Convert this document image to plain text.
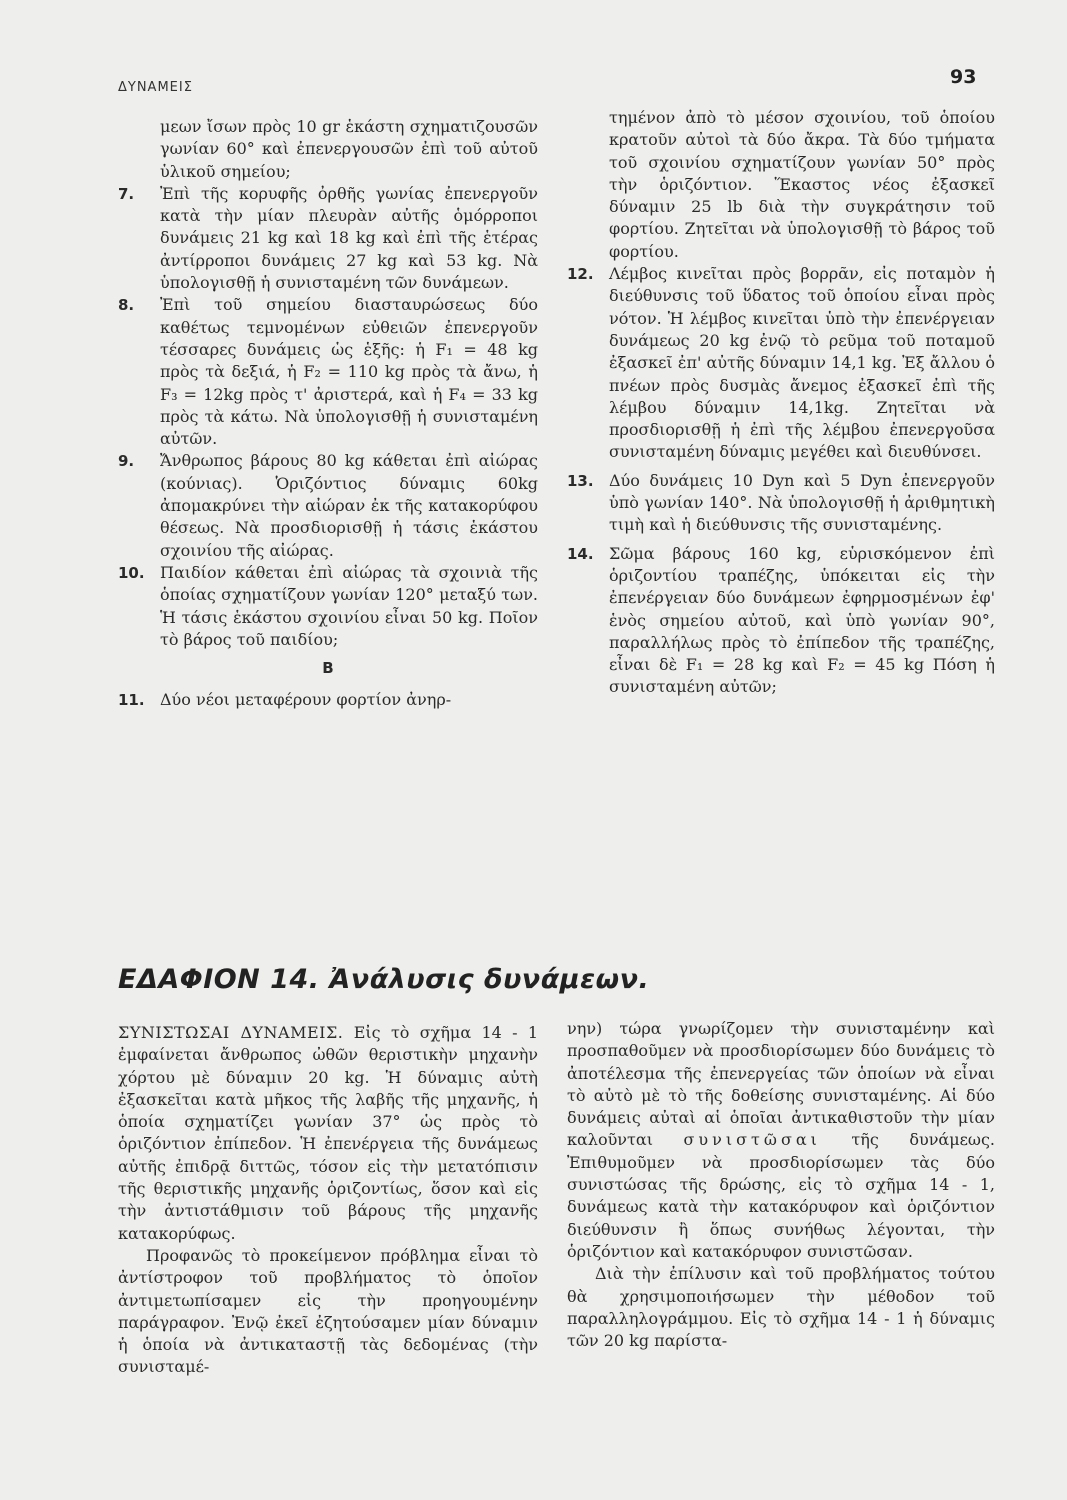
ΔΥΝΑΜΕΙΣ	93
μεων ἴσων πρὸς 10 gr ἑκάστη σχηματιζουσῶν γωνίαν 60° καὶ ἐπενεργουσῶν ἐπὶ τοῦ αὐτοῦ ὑλικοῦ σημείου;
7. Ἐπὶ τῆς κορυφῆς ὀρθῆς γωνίας ἐπενεργοῦν κατὰ τὴν μίαν πλευρὰν αὐτῆς ὁμόρροποι δυνάμεις 21 kg καὶ 18 kg καὶ ἐπὶ τῆς ἑτέρας ἀντίρροποι δυνάμεις 27 kg καὶ 53 kg. Νὰ ὑπολογισθῇ ἡ συνισταμένη τῶν δυνάμεων.
8. Ἐπὶ τοῦ σημείου διασταυρώσεως δύο καθέτως τεμνομένων εὐθειῶν ἐπενεργοῦν τέσσαρες δυνάμεις ὡς ἑξῆς: ἡ F₁ = 48 kg πρὸς τὰ δεξιά, ἡ F₂ = 110 kg πρὸς τὰ ἄνω, ἡ F₃ = 12kg πρὸς τ' ἀριστερά, καὶ ἡ F₄ = 33 kg πρὸς τὰ κάτω. Νὰ ὑπολογισθῇ ἡ συνισταμένη αὐτῶν.
9. Ἄνθρωπος βάρους 80 kg κάθεται ἐπὶ αἰώρας (κούνιας). Ὁριζόντιος δύναμις 60kg ἀπομακρύνει τὴν αἰώραν ἐκ τῆς κατακορύφου θέσεως. Νὰ προσδιορισθῇ ἡ τάσις ἑκάστου σχοινίου τῆς αἰώρας.
10. Παιδίον κάθεται ἐπὶ αἰώρας τὰ σχοινιὰ τῆς ὁποίας σχηματίζουν γωνίαν 120° μεταξύ των. Ἡ τάσις ἑκάστου σχοινίου εἶναι 50 kg. Ποῖον τὸ βάρος τοῦ παιδίου;
B
11. Δύο νέοι μεταφέρουν φορτίον ἀνηρ-
τημένον ἀπὸ τὸ μέσον σχοινίου, τοῦ ὁποίου κρατοῦν αὐτοὶ τὰ δύο ἄκρα. Τὰ δύο τμήματα τοῦ σχοινίου σχηματίζουν γωνίαν 50° πρὸς τὴν ὁριζόντιον. Ἕκαστος νέος ἐξασκεῖ δύναμιν 25 lb διὰ τὴν συγκράτησιν τοῦ φορτίου. Ζητεῖται νὰ ὑπολογισθῇ τὸ βάρος τοῦ φορτίου.
12. Λέμβος κινεῖται πρὸς βορρᾶν, εἰς ποταμὸν ἡ διεύθυνσις τοῦ ὕδατος τοῦ ὁποίου εἶναι πρὸς νότον. Ἡ λέμβος κινεῖται ὑπὸ τὴν ἐπενέργειαν δυνάμεως 20 kg ἐνῷ τὸ ρεῦμα τοῦ ποταμοῦ ἐξασκεῖ ἐπ' αὐτῆς δύναμιν 14,1 kg. Ἐξ ἄλλου ὁ πνέων πρὸς δυσμὰς ἄνεμος ἐξασκεῖ ἐπὶ τῆς λέμβου δύναμιν 14,1kg. Ζητεῖται νὰ προσδιορισθῇ ἡ ἐπὶ τῆς λέμβου ἐπενεργοῦσα συνισταμένη δύναμις μεγέθει καὶ διευθύνσει.
13. Δύο δυνάμεις 10 Dyn καὶ 5 Dyn ἐπενεργοῦν ὑπὸ γωνίαν 140°. Νὰ ὑπολογισθῇ ἡ ἀριθμητικὴ τιμὴ καὶ ἡ διεύθυνσις τῆς συνισταμένης.
14. Σῶμα βάρους 160 kg, εὑρισκόμενον ἐπὶ ὁριζοντίου τραπέζης, ὑπόκειται εἰς τὴν ἐπενέργειαν δύο δυνάμεων ἐφηρμοσμένων ἐφ' ἑνὸς σημείου αὐτοῦ, καὶ ὑπὸ γωνίαν 90°, παραλλήλως πρὸς τὸ ἐπίπεδον τῆς τραπέζης, εἶναι δὲ F₁ = 28 kg καὶ F₂ = 45 kg Πόση ἡ συνισταμένη αὐτῶν;
ΕΔΑΦΙΟΝ 14. Ἀνάλυσις δυνάμεων.

ΣΥΝΙΣΤΩΣΑΙ ΔΥΝΑΜΕΙΣ. Εἰς τὸ σχῆμα 14 - 1 ἐμφαίνεται ἄνθρωπος ὠθῶν θεριστικὴν μηχανὴν χόρτου μὲ δύναμιν 20 kg. Ἡ δύναμις αὐτὴ ἐξασκεῖται κατὰ μῆκος τῆς λαβῆς τῆς μηχανῆς, ἡ ὁποία σχηματίζει γωνίαν 37° ὡς πρὸς τὸ ὁριζόντιον ἐπίπεδον. Ἡ ἐπενέργεια τῆς δυνάμεως αὐτῆς ἐπιδρᾷ διττῶς, τόσον εἰς τὴν μετατόπισιν τῆς θεριστικῆς μηχανῆς ὁριζοντίως, ὅσον καὶ εἰς τὴν ἀντιστάθμισιν τοῦ βάρους τῆς μηχανῆς κατακορύφως.

Προφανῶς τὸ προκείμενον πρόβλημα εἶναι τὸ ἀντίστροφον τοῦ προβλήματος τὸ ὁποῖον ἀντιμετωπίσαμεν εἰς τὴν προηγουμένην παράγραφον. Ἐνῷ ἐκεῖ ἐζητούσαμεν μίαν δύναμιν ἡ ὁποία νὰ ἀντικαταστῇ τὰς δεδομένας (τὴν συνισταμέ-

νην) τώρα γνωρίζομεν τὴν συνισταμένην καὶ προσπαθοῦμεν νὰ προσδιορίσωμεν δύο δυνάμεις τὸ ἀποτέλεσμα τῆς ἐπενεργείας τῶν ὁποίων νὰ εἶναι τὸ αὐτὸ μὲ τὸ τῆς δοθείσης συνισταμένης. Αἱ δύο δυνάμεις αὐταὶ αἱ ὁποῖαι ἀντικαθιστοῦν τὴν μίαν καλοῦνται συνιστῶσαι τῆς δυνάμεως. Ἐπιθυμοῦμεν νὰ προσδιορίσωμεν τὰς δύο συνιστώσας τῆς δρώσης, εἰς τὸ σχῆμα 14 - 1, δυνάμεως κατὰ τὴν κατακόρυφον καὶ ὁριζόντιον διεύθυνσιν ἢ ὅπως συνήθως λέγονται, τὴν ὁριζόντιον καὶ κατακόρυφον συνιστῶσαν.

Διὰ τὴν ἐπίλυσιν καὶ τοῦ προβλήματος τούτου θὰ χρησιμοποιήσωμεν τὴν μέθοδον τοῦ παραλληλογράμμου. Εἰς τὸ σχῆμα 14 - 1 ἡ δύναμις τῶν 20 kg παρίστα-
